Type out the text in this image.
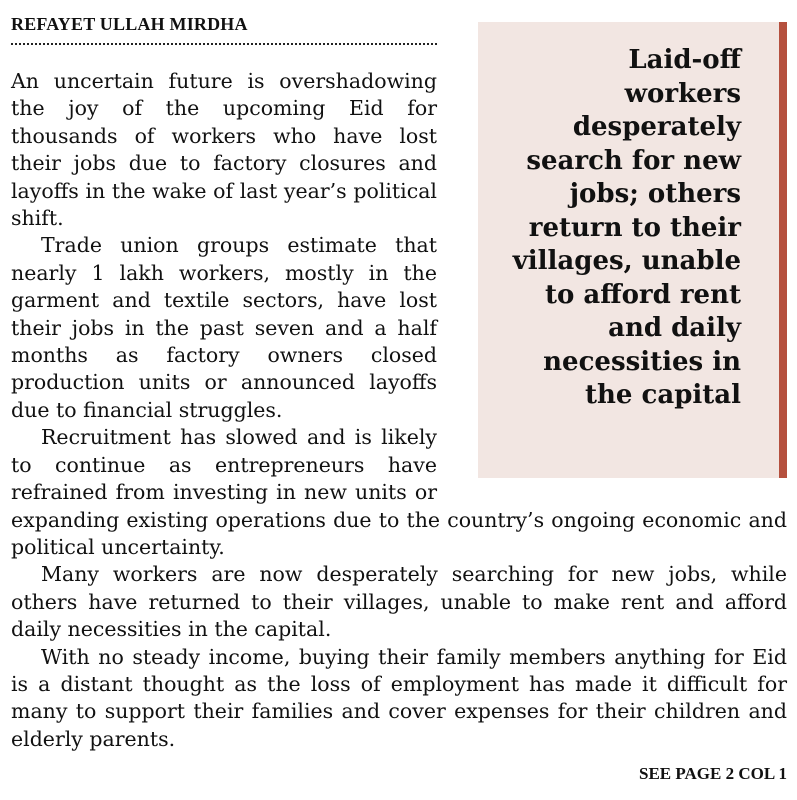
REFAYET ULLAH MIRDHA

An uncertain future is overshadowing the joy of the upcoming Eid for thousands of workers who have lost their jobs due to factory closures and layoffs in the wake of last year’s political shift.

Trade union groups estimate that nearly 1 lakh workers, mostly in the garment and textile sectors, have lost their jobs in the past seven and a half months as factory owners closed production units or announced layoffs due to financial struggles.

Recruitment has slowed and is likely to continue as entrepreneurs have refrained from investing in new units or expanding existing operations due to the country’s ongoing economic and political uncertainty.

Many workers are now desperately searching for new jobs, while others have returned to their villages, unable to make rent and afford daily necessities in the capital.

With no steady income, buying their family members anything for Eid is a distant thought as the loss of employment has made it difficult for many to support their families and cover expenses for their children and elderly parents.

Laid-off workers desperately search for new jobs; others return to their villages, unable to afford rent and daily necessities in the capital

SEE PAGE 2 COL 1
